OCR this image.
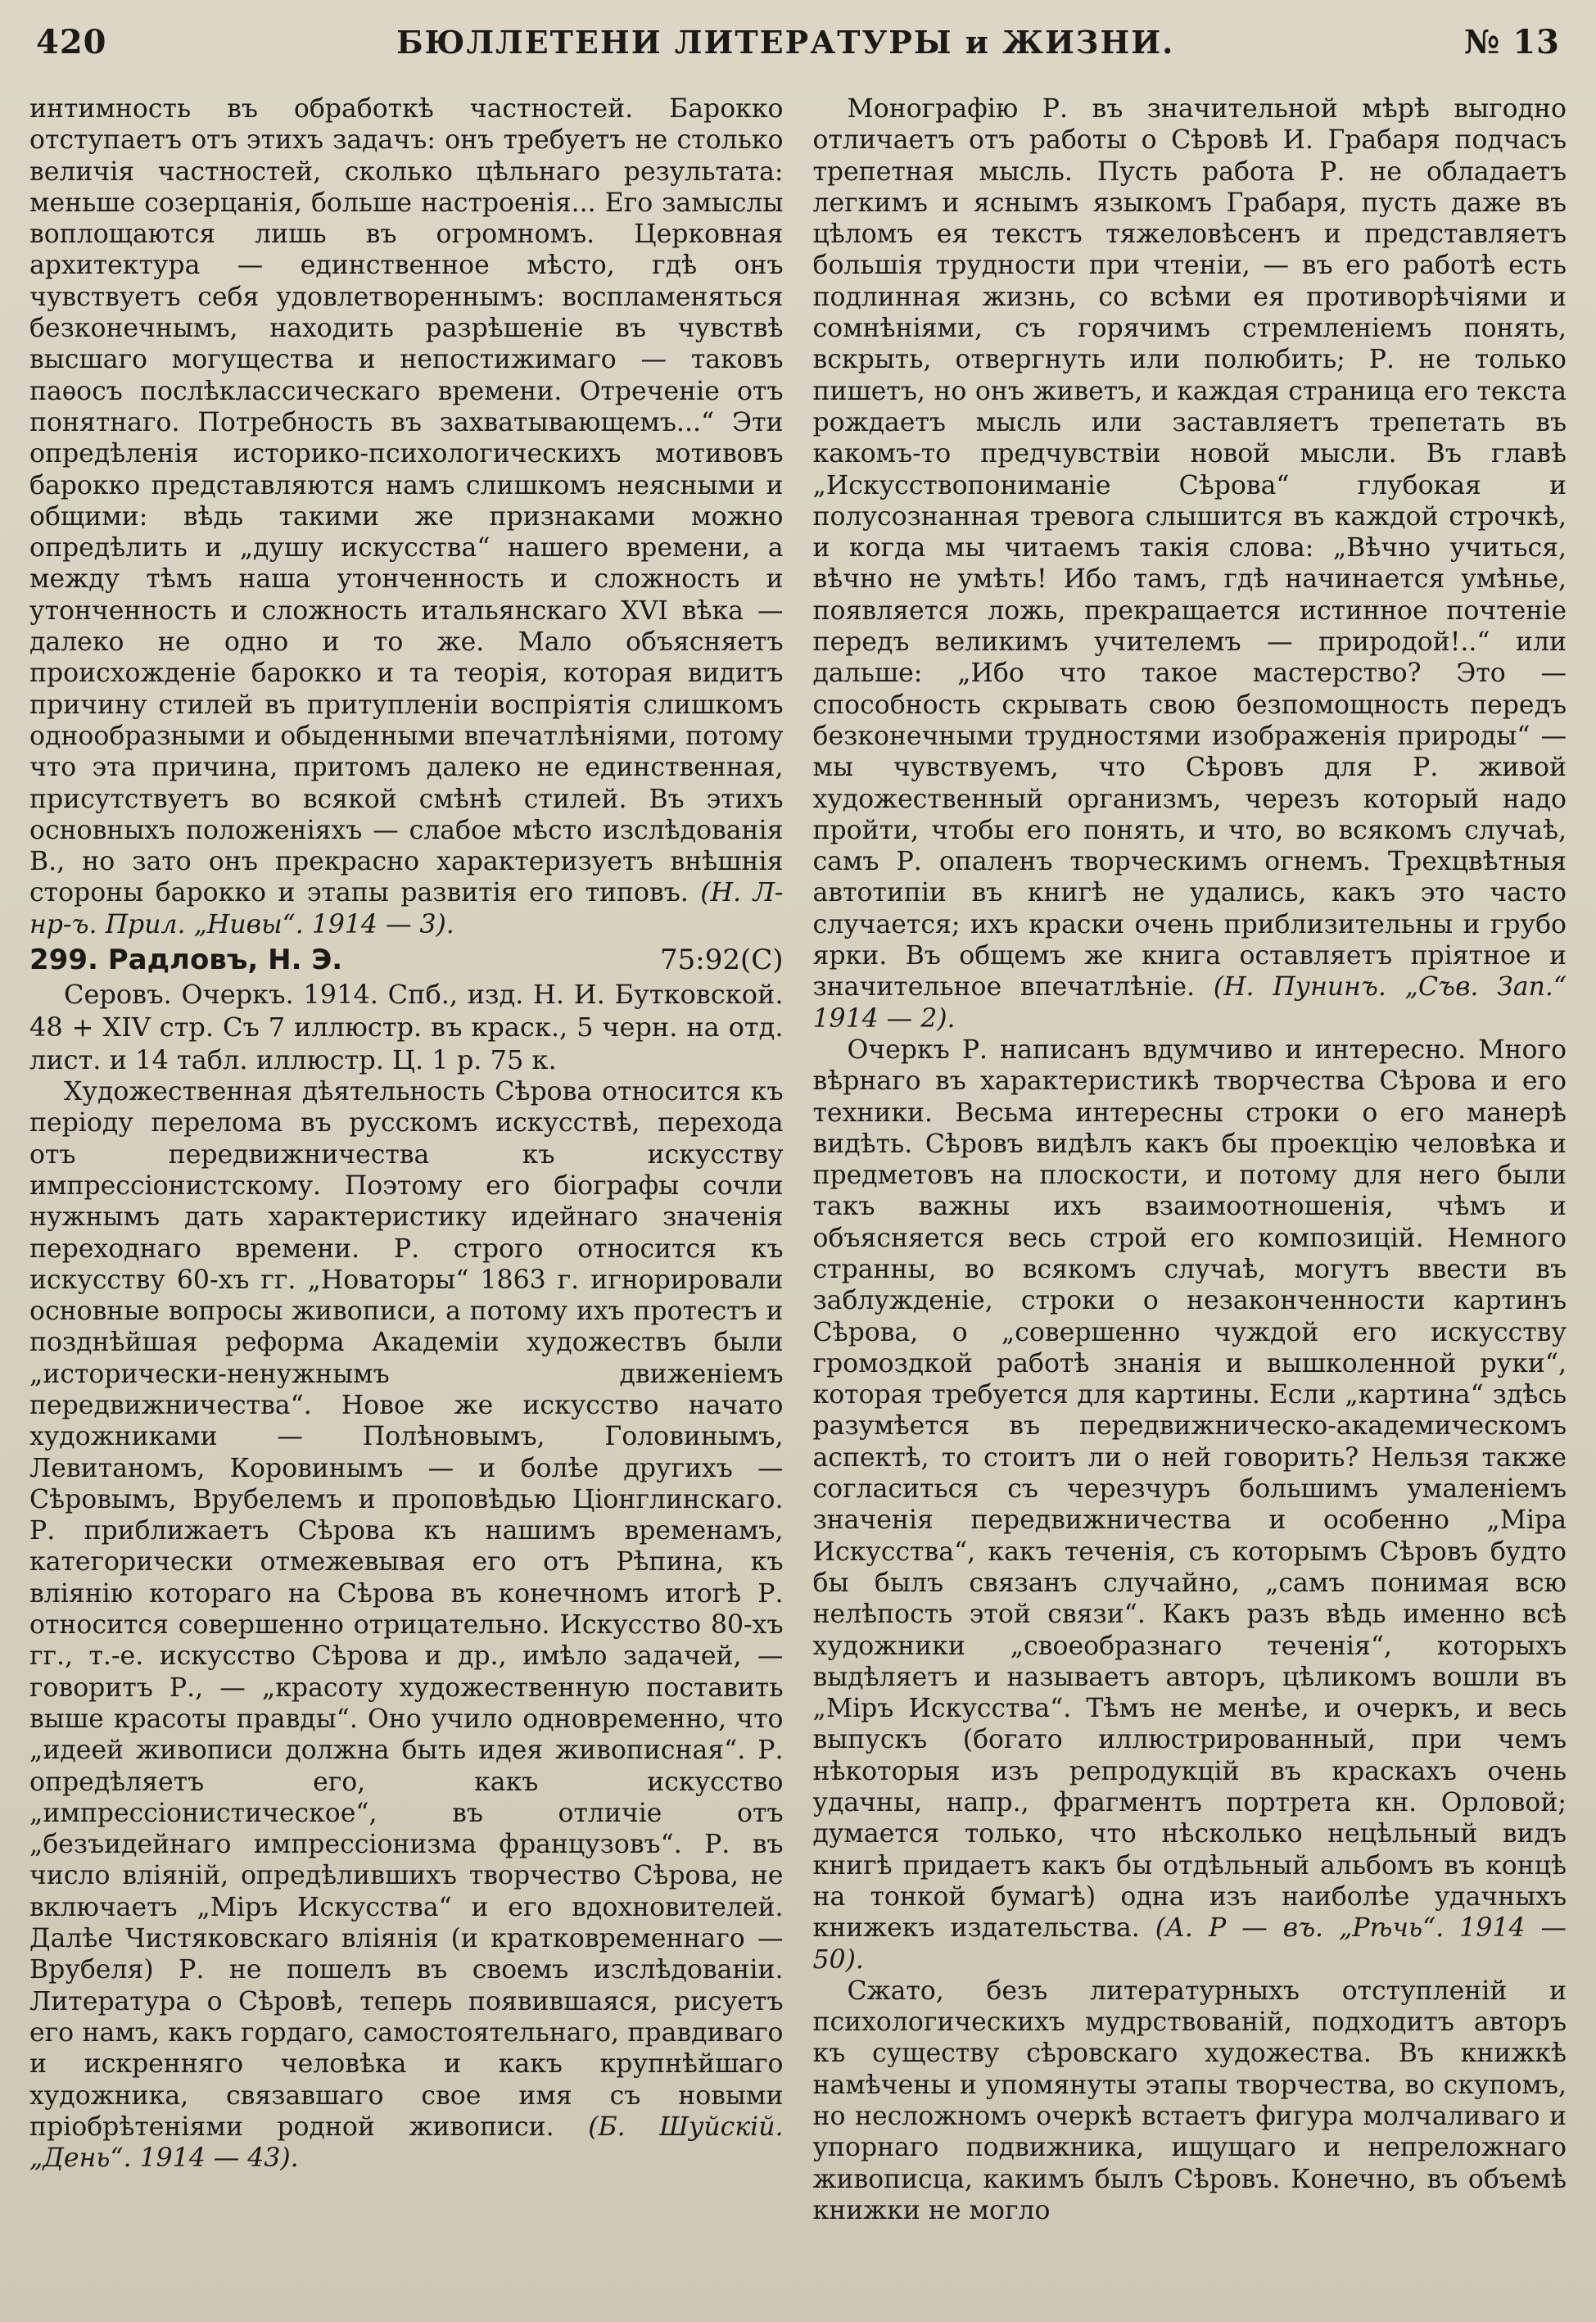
420	БЮЛЛЕТЕНИ ЛИТЕРАТУРЫ и ЖИЗНИ.	№ 13

интимность въ обработкѣ частностей. Барокко отступаетъ отъ этихъ задачъ: онъ требуетъ не столько величія частностей, сколько цѣльнаго результата: меньше созерцанія, больше настроенія... Его замыслы воплощаются лишь въ огромномъ. Церковная архитектура — единственное мѣсто, гдѣ онъ чувствуетъ себя удовлетвореннымъ: воспламеняться безконечнымъ, находить разрѣшеніе въ чувствѣ высшаго могущества и непостижимаго — таковъ паѳосъ послѣклассическаго времени. Отреченіе отъ понятнаго. Потребность въ захватывающемъ...“ Эти опредѣленія историко-психологическихъ мотивовъ барокко представляются намъ слишкомъ неясными и общими: вѣдь такими же признаками можно опредѣлить и „душу искусства“ нашего времени, а между тѣмъ наша утонченность и сложность и утонченность и сложность итальянскаго XVI вѣка — далеко не одно и то же. Мало объясняетъ происхожденіе барокко и та теорія, которая видитъ причину стилей въ притупленіи воспріятія слишкомъ однообразными и обыденными впечатлѣніями, потому что эта причина, притомъ далеко не единственная, присутствуетъ во всякой смѣнѣ стилей. Въ этихъ основныхъ положеніяхъ — слабое мѣсто изслѣдованія В., но зато онъ прекрасно характеризуетъ внѣшнія стороны барокко и этапы развитія его типовъ. (Н. Л-нр-ъ. Прил. „Нивы“. 1914 — 3).

299. Радловъ, Н. Э.	75:92(С)

Серовъ. Очеркъ. 1914. Спб., изд. Н. И. Бутковской. 48 + XIV стр. Съ 7 иллюстр. въ краск., 5 черн. на отд. лист. и 14 табл. иллюстр. Ц. 1 р. 75 к.

Художественная дѣятельность Сѣрова относится къ періоду перелома въ русскомъ искусствѣ, перехода отъ передвижничества къ искусству импрессіонистскому. Поэтому его біографы сочли нужнымъ дать характеристику идейнаго значенія переходнаго времени. Р. строго относится къ искусству 60-хъ гг. „Новаторы“ 1863 г. игнорировали основные вопросы живописи, а потому ихъ протестъ и позднѣйшая реформа Академіи художествъ были „исторически-ненужнымъ движеніемъ передвижничества“. Новое же искусство начато художниками — Полѣновымъ, Головинымъ, Левитаномъ, Коровинымъ — и болѣе другихъ — Сѣровымъ, Врубелемъ и проповѣдью Ціонглинскаго. Р. приближаетъ Сѣрова къ нашимъ временамъ, категорически отмежевывая его отъ Рѣпина, къ вліянію котораго на Сѣрова въ конечномъ итогѣ Р. относится совершенно отрицательно. Искусство 80-хъ гг., т.-е. искусство Сѣрова и др., имѣло задачей, — говоритъ Р., — „красоту художественную поставить выше красоты правды“. Оно учило одновременно, что „идеей живописи должна быть идея живописная“. Р. опредѣляетъ его, какъ искусство „импрессіонистическое“, въ отличіе отъ „безъидейнаго импрессіонизма французовъ“. Р. въ число вліяній, опредѣлившихъ творчество Сѣрова, не включаетъ „Міръ Искусства“ и его вдохновителей. Далѣе Чистяковскаго вліянія (и кратковременнаго — Врубеля) Р. не пошелъ въ своемъ изслѣдованіи. Литература о Сѣровѣ, теперь появившаяся, рисуетъ его намъ, какъ гордаго, самостоятельнаго, правдиваго и искренняго человѣка и какъ крупнѣйшаго художника, связавшаго свое имя съ новыми пріобрѣтеніями родной живописи. (Б. Шуйскій. „День“. 1914 — 43).

Монографію Р. въ значительной мѣрѣ выгодно отличаетъ отъ работы о Сѣровѣ И. Грабаря подчасъ трепетная мысль. Пусть работа Р. не обладаетъ легкимъ и яснымъ языкомъ Грабаря, пусть даже въ цѣломъ ея текстъ тяжеловѣсенъ и представляетъ большія трудности при чтеніи, — въ его работѣ есть подлинная жизнь, со всѣми ея противорѣчіями и сомнѣніями, съ горячимъ стремленіемъ понять, вскрыть, отвергнуть или полюбить; Р. не только пишетъ, но онъ живетъ, и каждая страница его текста рождаетъ мысль или заставляетъ трепетать въ какомъ-то предчувствіи новой мысли. Въ главѣ „Искусствопониманіе Сѣрова“ глубокая и полусознанная тревога слышится въ каждой строчкѣ, и когда мы читаемъ такія слова: „Вѣчно учиться, вѣчно не умѣть! Ибо тамъ, гдѣ начинается умѣнье, появляется ложь, прекращается истинное почтеніе передъ великимъ учителемъ — природой!..“ или дальше: „Ибо что такое мастерство? Это — способность скрывать свою безпомощность передъ безконечными трудностями изображенія природы“ — мы чувствуемъ, что Сѣровъ для Р. живой художественный организмъ, черезъ который надо пройти, чтобы его понять, и что, во всякомъ случаѣ, самъ Р. опаленъ творческимъ огнемъ. Трехцвѣтныя автотипіи въ книгѣ не удались, какъ это часто случается; ихъ краски очень приблизительны и грубо ярки. Въ общемъ же книга оставляетъ пріятное и значительное впечатлѣніе. (Н. Пунинъ. „Съв. Зап.“ 1914 — 2).

Очеркъ Р. написанъ вдумчиво и интересно. Много вѣрнаго въ характеристикѣ творчества Сѣрова и его техники. Весьма интересны строки о его манерѣ видѣть. Сѣровъ видѣлъ какъ бы проекцію человѣка и предметовъ на плоскости, и потому для него были такъ важны ихъ взаимоотношенія, чѣмъ и объясняется весь строй его композицій. Немного странны, во всякомъ случаѣ, могутъ ввести въ заблужденіе, строки о незаконченности картинъ Сѣрова, о „совершенно чуждой его искусству громоздкой работѣ знанія и вышколенной руки“, которая требуется для картины. Если „картина“ здѣсь разумѣется въ передвижническо-академическомъ аспектѣ, то стоитъ ли о ней говорить? Нельзя также согласиться съ черезчуръ большимъ умаленіемъ значенія передвижничества и особенно „Міра Искусства“, какъ теченія, съ которымъ Сѣровъ будто бы былъ связанъ случайно, „самъ понимая всю нелѣпость этой связи“. Какъ разъ вѣдь именно всѣ художники „своеобразнаго теченія“, которыхъ выдѣляетъ и называетъ авторъ, цѣликомъ вошли въ „Міръ Искусства“. Тѣмъ не менѣе, и очеркъ, и весь выпускъ (богато иллюстрированный, при чемъ нѣкоторыя изъ репродукцій въ краскахъ очень удачны, напр., фрагментъ портрета кн. Орловой; думается только, что нѣсколько нецѣльный видъ книгѣ придаетъ какъ бы отдѣльный альбомъ въ концѣ на тонкой бумагѣ) одна изъ наиболѣе удачныхъ книжекъ издательства. (А. Р — въ. „Рѣчь“. 1914 — 50).

Сжато, безъ литературныхъ отступленій и психологическихъ мудрствованій, подходитъ авторъ къ существу сѣровскаго художества. Въ книжкѣ намѣчены и упомянуты этапы творчества, во скупомъ, но несложномъ очеркѣ встаетъ фигура молчаливаго и упорнаго подвижника, ищущаго и непреложнаго живописца, какимъ былъ Сѣровъ. Конечно, въ объемѣ книжки не могло
